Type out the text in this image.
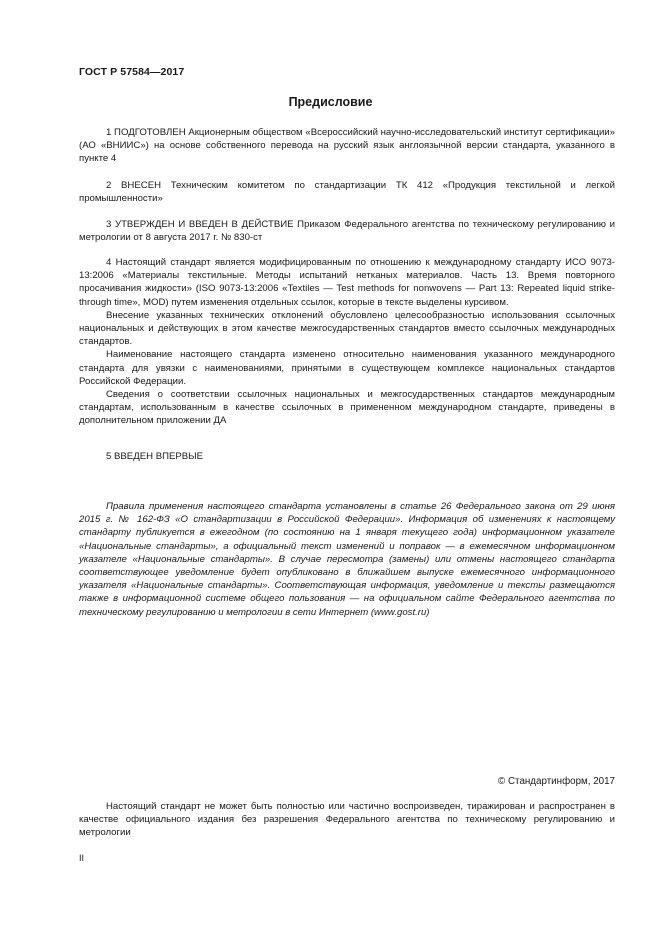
ГОСТ Р 57584—2017
Предисловие

1 ПОДГОТОВЛЕН Акционерным обществом «Всероссийский научно-исследовательский институт сертификации» (АО «ВНИИС») на основе собственного перевода на русский язык англоязычной версии стандарта, указанного в пункте 4

2 ВНЕСЕН Техническим комитетом по стандартизации ТК 412 «Продукция текстильной и легкой промышленности»

3 УТВЕРЖДЕН И ВВЕДЕН В ДЕЙСТВИЕ Приказом Федерального агентства по техническому регулированию и метрологии от 8 августа 2017 г. № 830-ст

4 Настоящий стандарт является модифицированным по отношению к международному стандарту ИСО 9073-13:2006 «Материалы текстильные. Методы испытаний нетканых материалов. Часть 13. Время повторного просачивания жидкости» (ISO 9073-13:2006 «Textiles — Test methods for nonwovens — Part 13: Repeated liquid strike-through time», MOD) путем изменения отдельных ссылок, которые в тексте выделены курсивом.

Внесение указанных технических отклонений обусловлено целесообразностью использования ссылочных национальных и действующих в этом качестве межгосударственных стандартов вместо ссылочных международных стандартов.

Наименование настоящего стандарта изменено относительно наименования указанного международного стандарта для увязки с наименованиями, принятыми в существующем комплексе национальных стандартов Российской Федерации.

Сведения о соответствии ссылочных национальных и межгосударственных стандартов международным стандартам, использованным в качестве ссылочных в примененном международном стандарте, приведены в дополнительном приложении ДА

5 ВВЕДЕН ВПЕРВЫЕ

Правила применения настоящего стандарта установлены в статье 26 Федерального закона от 29 июня 2015 г. № 162-ФЗ «О стандартизации в Российской Федерации». Информация об изменениях к настоящему стандарту публикуется в ежегодном (по состоянию на 1 января текущего года) информационном указателе «Национальные стандарты», а официальный текст изменений и поправок — в ежемесячном информационном указателе «Национальные стандарты». В случае пересмотра (замены) или отмены настоящего стандарта соответствующее уведомление будет опубликовано в ближайшем выпуске ежемесячного информационного указателя «Национальные стандарты». Соответствующая информация, уведомление и тексты размещаются также в информационной системе общего пользования — на официальном сайте Федерального агентства по техническому регулированию и метрологии в сети Интернет (www.gost.ru)

© Стандартинформ, 2017

Настоящий стандарт не может быть полностью или частично воспроизведен, тиражирован и распространен в качестве официального издания без разрешения Федерального агентства по техническому регулированию и метрологии

II
